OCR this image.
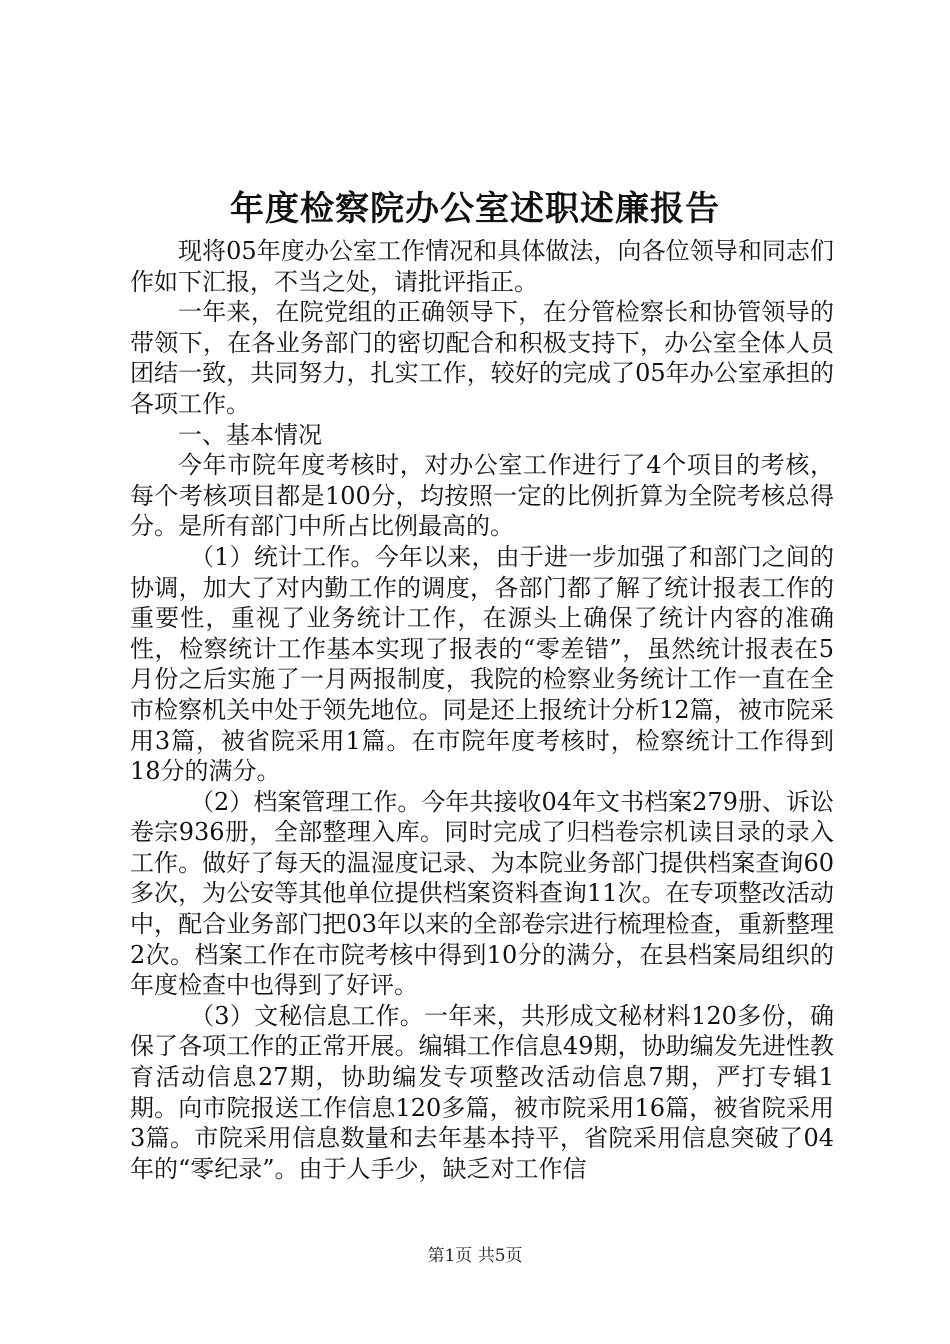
年度检察院办公室述职述廉报告

现将05年度办公室工作情况和具体做法，向各位领导和同志们作如下汇报，不当之处，请批评指正。

一年来，在院党组的正确领导下，在分管检察长和协管领导的带领下，在各业务部门的密切配合和积极支持下，办公室全体人员团结一致，共同努力，扎实工作，较好的完成了05年办公室承担的各项工作。

一、基本情况

今年市院年度考核时，对办公室工作进行了4个项目的考核，每个考核项目都是100分，均按照一定的比例折算为全院考核总得分。是所有部门中所占比例最高的。

（1）统计工作。今年以来，由于进一步加强了和部门之间的协调，加大了对内勤工作的调度，各部门都了解了统计报表工作的重要性，重视了业务统计工作，在源头上确保了统计内容的准确性，检察统计工作基本实现了报表的“零差错”，虽然统计报表在5月份之后实施了一月两报制度，我院的检察业务统计工作一直在全市检察机关中处于领先地位。同是还上报统计分析12篇，被市院采用3篇，被省院采用1篇。在市院年度考核时，检察统计工作得到18分的满分。

（2）档案管理工作。今年共接收04年文书档案279册、诉讼卷宗936册，全部整理入库。同时完成了归档卷宗机读目录的录入工作。做好了每天的温湿度记录、为本院业务部门提供档案查询60多次，为公安等其他单位提供档案资料查询11次。在专项整改活动中，配合业务部门把03年以来的全部卷宗进行梳理检查，重新整理2次。档案工作在市院考核中得到10分的满分，在县档案局组织的年度检查中也得到了好评。

（3）文秘信息工作。一年来，共形成文秘材料120多份，确保了各项工作的正常开展。编辑工作信息49期，协助编发先进性教育活动信息27期，协助编发专项整改活动信息7期，严打专辑1期。向市院报送工作信息120多篇，被市院采用16篇，被省院采用3篇。市院采用信息数量和去年基本持平，省院采用信息突破了04年的“零纪录”。由于人手少，缺乏对工作信

第1页 共5页
